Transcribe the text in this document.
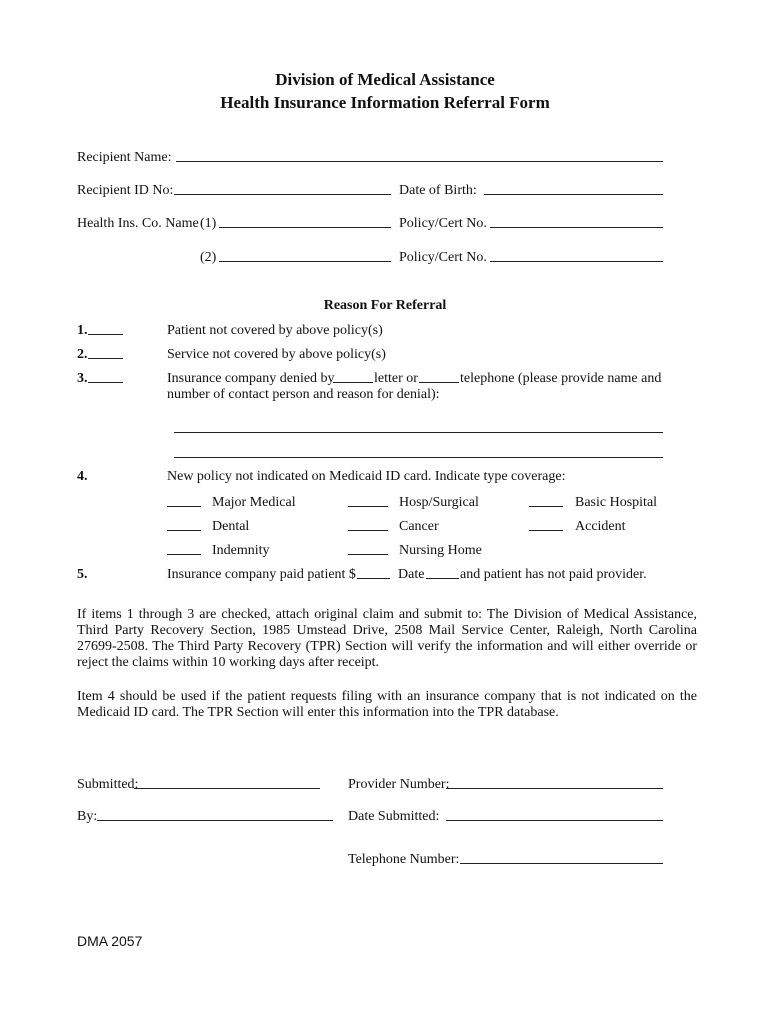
Division of Medical Assistance
Health Insurance Information Referral Form
Recipient Name:
Recipient ID No:	Date of Birth:
Health Ins. Co. Name (1)	Policy/Cert No.
(2)	Policy/Cert No.
Reason For Referral
1.	Patient not covered by above policy(s)
2.	Service not covered by above policy(s)
3.	Insurance company denied by	letter or	telephone (please provide name and
number of contact person and reason for denial):
4.	New policy not indicated on Medicaid ID card. Indicate type coverage:
Major Medical	Hosp/Surgical	Basic Hospital
Dental	Cancer	Accident
Indemnity	Nursing Home
5.	Insurance company paid patient $	Date	and patient has not paid provider.
If items 1 through 3 are checked, attach original claim and submit to: The Division of Medical Assistance, Third Party Recovery Section, 1985 Umstead Drive, 2508 Mail Service Center, Raleigh, North Carolina 27699-2508. The Third Party Recovery (TPR) Section will verify the information and will either override or reject the claims within 10 working days after receipt.
Item 4 should be used if the patient requests filing with an insurance company that is not indicated on the Medicaid ID card. The TPR Section will enter this information into the TPR database.
Submitted:	Provider Number:
By:	Date Submitted:
Telephone Number:
DMA 2057
